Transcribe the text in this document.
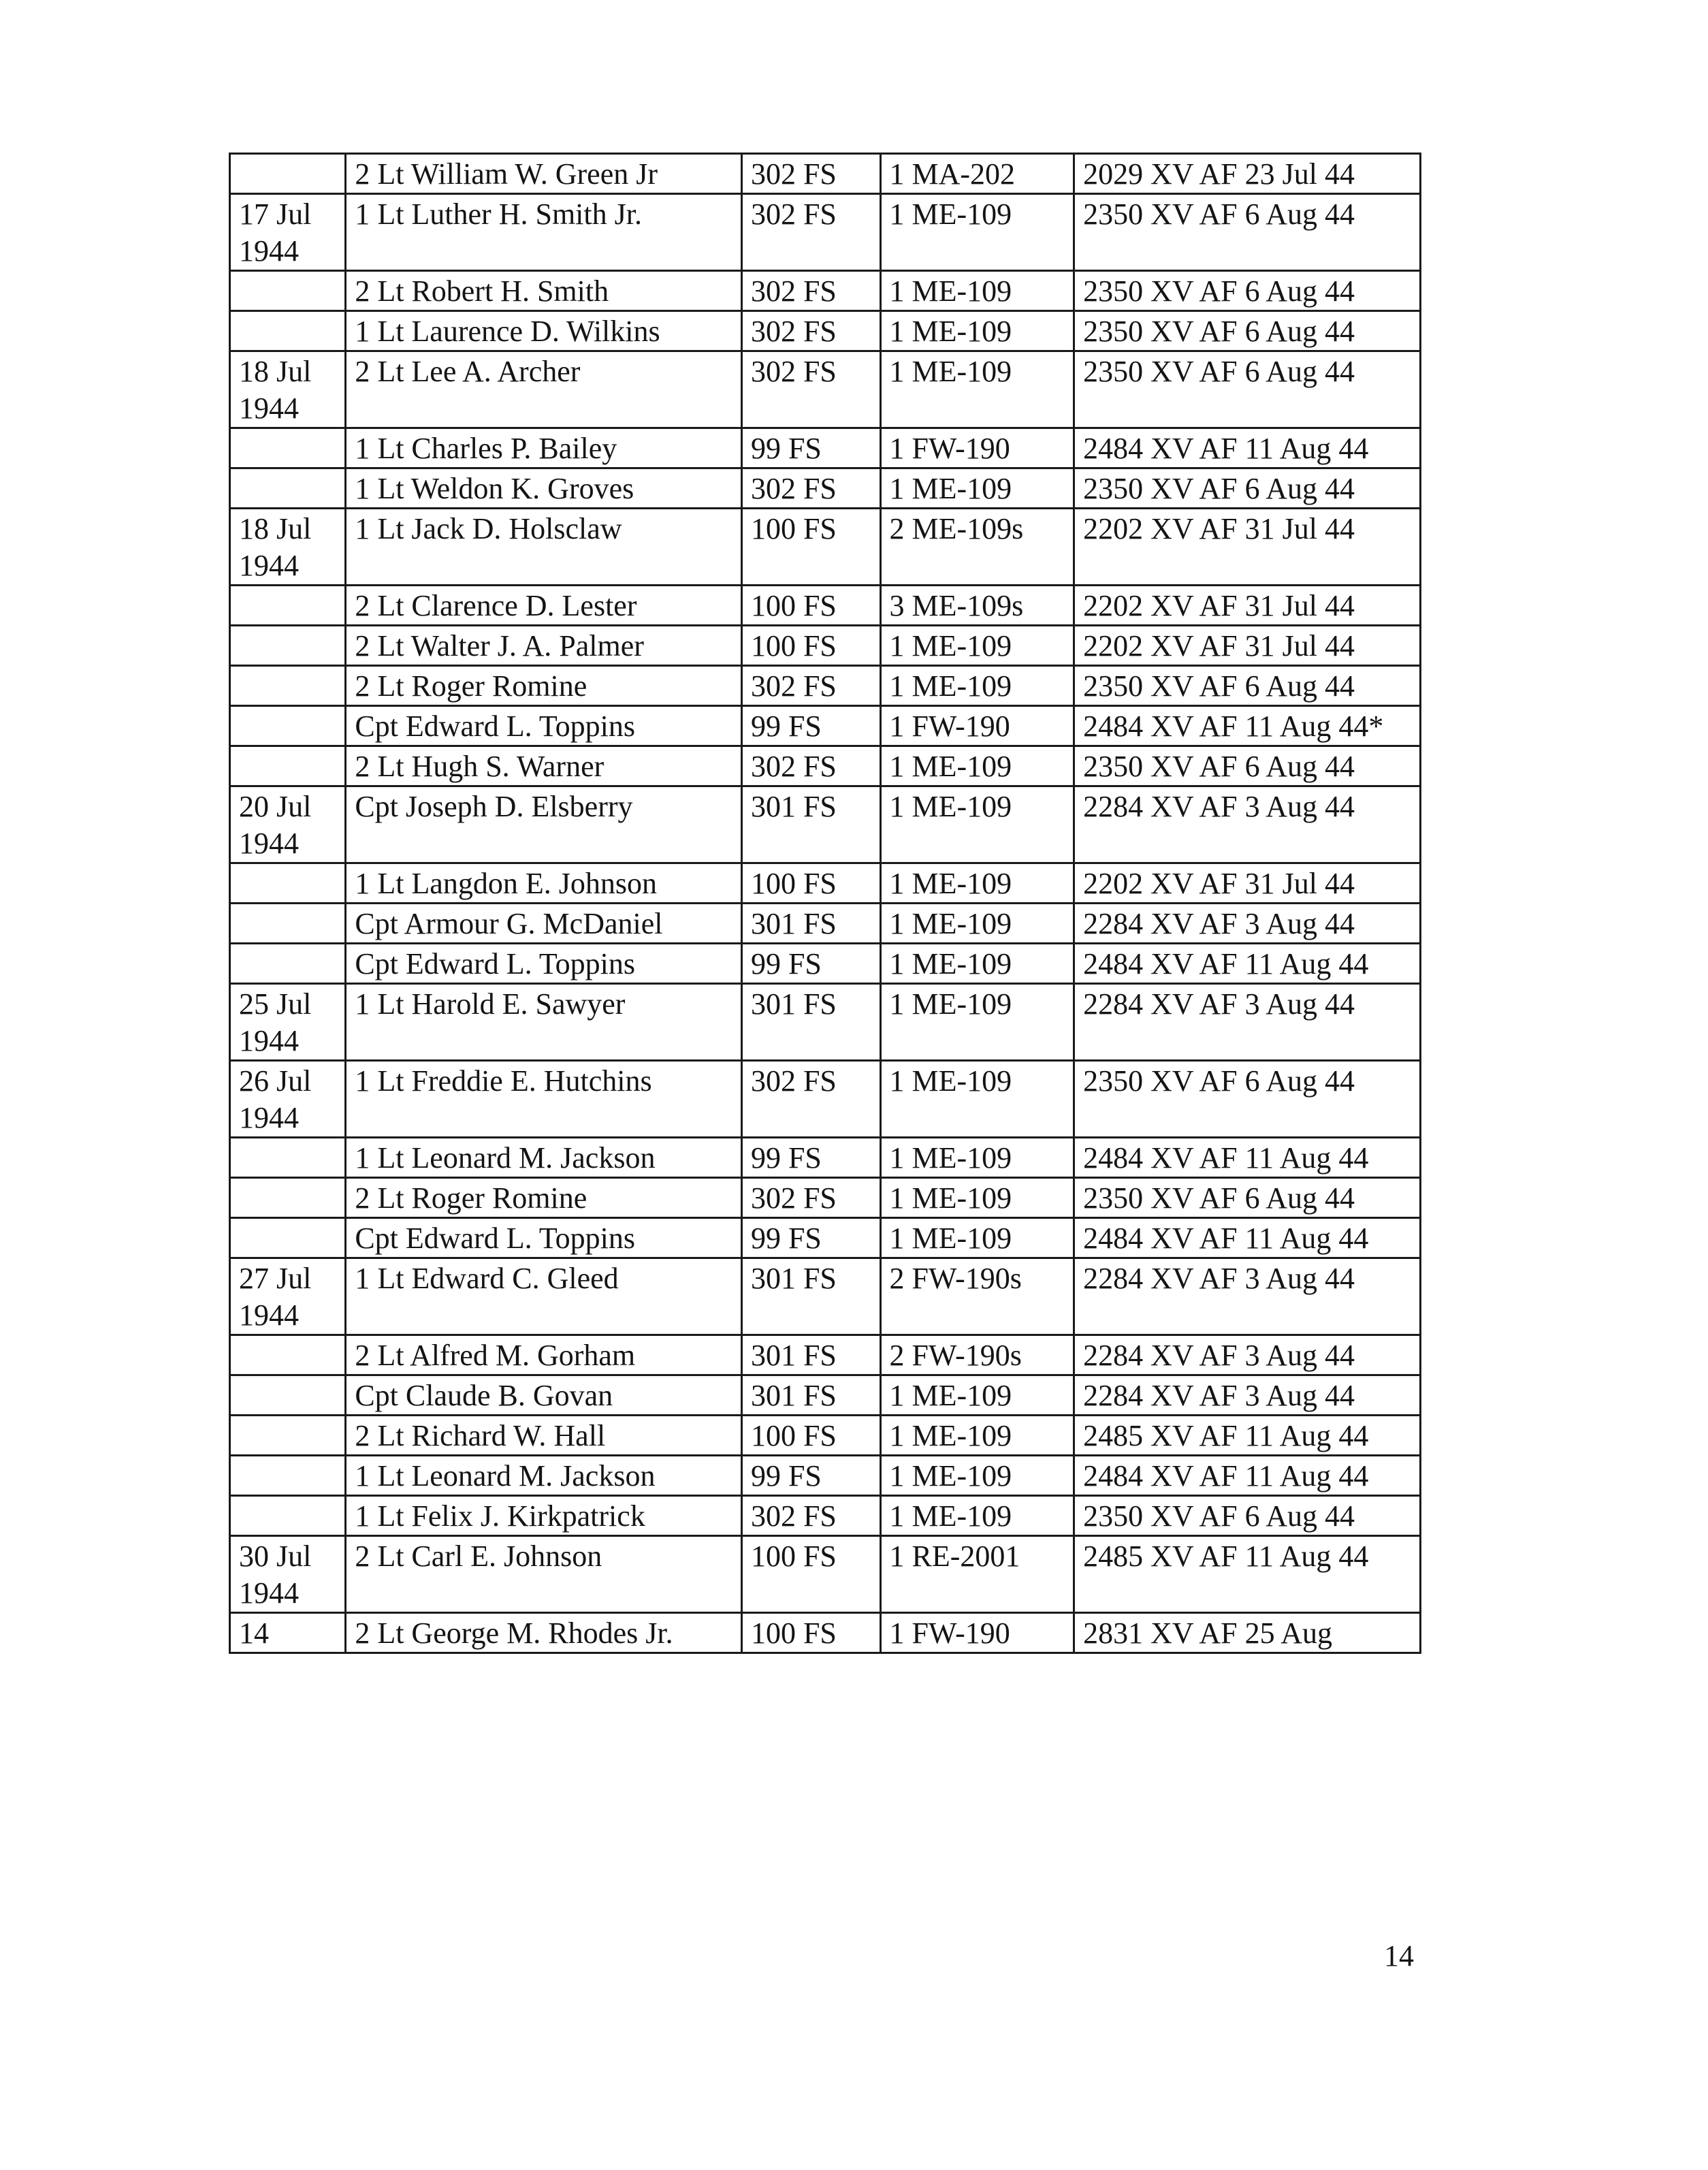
	2 Lt William W. Green Jr	302 FS	1 MA-202	2029 XV AF 23 Jul 44
17 Jul 1944	1 Lt Luther H. Smith Jr.	302 FS	1 ME-109	2350 XV AF 6 Aug 44
	2 Lt Robert H. Smith	302 FS	1 ME-109	2350 XV AF 6 Aug 44
	1 Lt Laurence D. Wilkins	302 FS	1 ME-109	2350 XV AF 6 Aug 44
18 Jul 1944	2 Lt Lee A. Archer	302 FS	1 ME-109	2350 XV AF 6 Aug 44
	1 Lt Charles P. Bailey	99 FS	1 FW-190	2484 XV AF 11 Aug 44
	1 Lt Weldon K. Groves	302 FS	1 ME-109	2350 XV AF 6 Aug 44
18 Jul 1944	1 Lt Jack D. Holsclaw	100 FS	2 ME-109s	2202 XV AF 31 Jul 44
	2 Lt Clarence D. Lester	100 FS	3 ME-109s	2202 XV AF 31 Jul 44
	2 Lt Walter J. A. Palmer	100 FS	1 ME-109	2202 XV AF 31 Jul 44
	2 Lt Roger Romine	302 FS	1 ME-109	2350 XV AF 6 Aug 44
	Cpt Edward L. Toppins	99 FS	1 FW-190	2484 XV AF 11 Aug 44*
	2 Lt Hugh S. Warner	302 FS	1 ME-109	2350 XV AF 6 Aug 44
20 Jul 1944	Cpt Joseph D. Elsberry	301 FS	1 ME-109	2284 XV AF 3 Aug 44
	1 Lt Langdon E. Johnson	100 FS	1 ME-109	2202 XV AF 31 Jul 44
	Cpt Armour G. McDaniel	301 FS	1 ME-109	2284 XV AF 3 Aug 44
	Cpt Edward L. Toppins	99 FS	1 ME-109	2484 XV AF 11 Aug 44
25 Jul 1944	1 Lt Harold E. Sawyer	301 FS	1 ME-109	2284 XV AF 3 Aug 44
26 Jul 1944	1 Lt Freddie E. Hutchins	302 FS	1 ME-109	2350 XV AF 6 Aug 44
	1 Lt Leonard M. Jackson	99 FS	1 ME-109	2484 XV AF 11 Aug 44
	2 Lt Roger Romine	302 FS	1 ME-109	2350 XV AF 6 Aug 44
	Cpt Edward L. Toppins	99 FS	1 ME-109	2484 XV AF 11 Aug 44
27 Jul 1944	1 Lt Edward C. Gleed	301 FS	2 FW-190s	2284 XV AF 3 Aug 44
	2 Lt Alfred M. Gorham	301 FS	2 FW-190s	2284 XV AF 3 Aug 44
	Cpt Claude B. Govan	301 FS	1 ME-109	2284 XV AF 3 Aug 44
	2 Lt Richard W. Hall	100 FS	1 ME-109	2485 XV AF 11 Aug 44
	1 Lt Leonard M. Jackson	99 FS	1 ME-109	2484 XV AF 11 Aug 44
	1 Lt Felix J. Kirkpatrick	302 FS	1 ME-109	2350 XV AF 6 Aug 44
30 Jul 1944	2 Lt Carl E. Johnson	100 FS	1 RE-2001	2485 XV AF 11 Aug 44
14	2 Lt George M. Rhodes Jr.	100 FS	1 FW-190	2831 XV AF 25 Aug
14
